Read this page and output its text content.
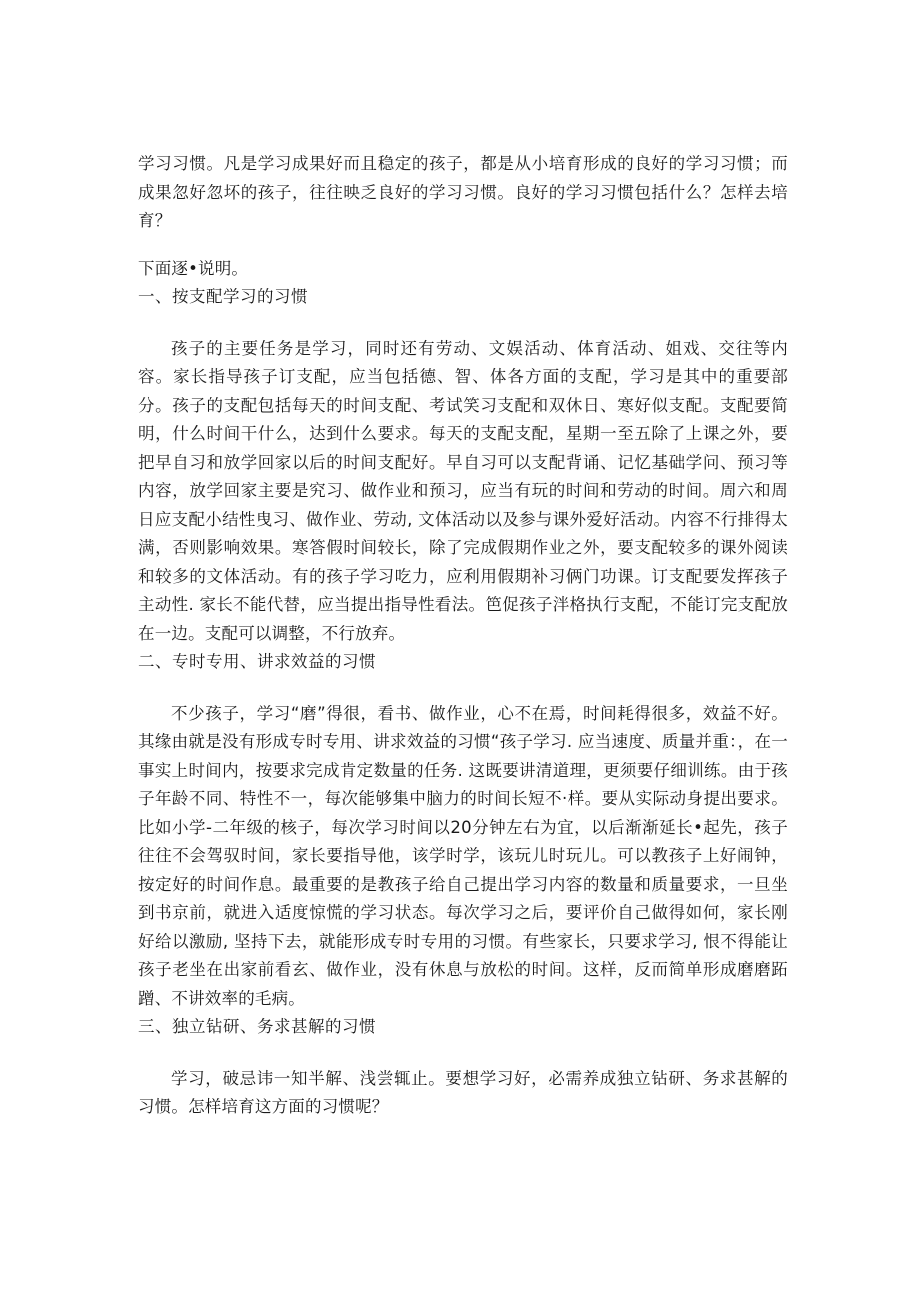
学习习惯。凡是学习成果好而且稳定的孩子，都是从小培育形成的良好的学习习惯；而成果忽好忽坏的孩子，往往映乏良好的学习习惯。良好的学习习惯包括什么？怎样去培育？

下面逐•说明。

一、按支配学习的习惯

孩子的主要任务是学习，同时还有劳动、文娱活动、体育活动、姐戏、交往等内容。家长指导孩子订支配，应当包括德、智、体各方面的支配，学习是其中的重要部分。孩子的支配包括每天的时间支配、考试笑习支配和双休日、寒好似支配。支配要简明，什么时间干什么，达到什么要求。每天的支配支配，星期一至五除了上课之外，要把早自习和放学回家以后的时间支配好。早自习可以支配背诵、记忆基础学问、预习等内容，放学回家主要是究习、做作业和预习，应当有玩的时间和劳动的时间。周六和周日应支配小结性曳习、做作业、劳动, 文体活动以及参与课外爱好活动。内容不行排得太满，否则影响效果。寒答假时间较长，除了完成假期作业之外，要支配较多的课外阅读和较多的文体活动。有的孩子学习吃力，应利用假期补习俩门功课。订支配要发挥孩子主动性. 家长不能代替，应当提出指导性看法。笆促孩子泮格执行支配，不能订完支配放在一边。支配可以调整，不行放弃。

二、专时专用、讲求效益的习惯

不少孩子，学习“磨”得很，看书、做作业，心不在焉，时间耗得很多，效益不好。其缘由就是没有形成专时专用、讲求效益的习惯“孩子学习. 应当速度、质量并重：，在一事实上时间内，按要求完成肯定数量的任务. 这既要讲清道理，更须要仔细训练。由于孩子年龄不同、特性不一，每次能够集中脑力的时间长短不·样。要从实际动身提出要求。比如小学-二年级的核子，每次学习时间以20分钟左右为宜，以后渐渐延长•起先，孩子往往不会驾驭时间，家长要指导他，该学时学，该玩儿时玩儿。可以教孩子上好闹钟，按定好的时间作息。最重要的是教孩子给自己提出学习内容的数量和质量要求，一旦坐到书京前，就进入适度惊慌的学习状态。每次学习之后，要评价自己做得如何，家长刚好给以激励, 坚持下去，就能形成专时专用的习惯。有些家长，只要求学习, 恨不得能让孩子老坐在出家前看玄、做作业，没有休息与放松的时间。这样，反而简单形成磨磨跖蹭、不讲效率的毛病。

三、独立钻研、务求甚解的习惯

学习，破忌讳一知半解、浅尝辄止。要想学习好，必需养成独立钻研、务求甚解的习惯。怎样培育这方面的习惯呢？
